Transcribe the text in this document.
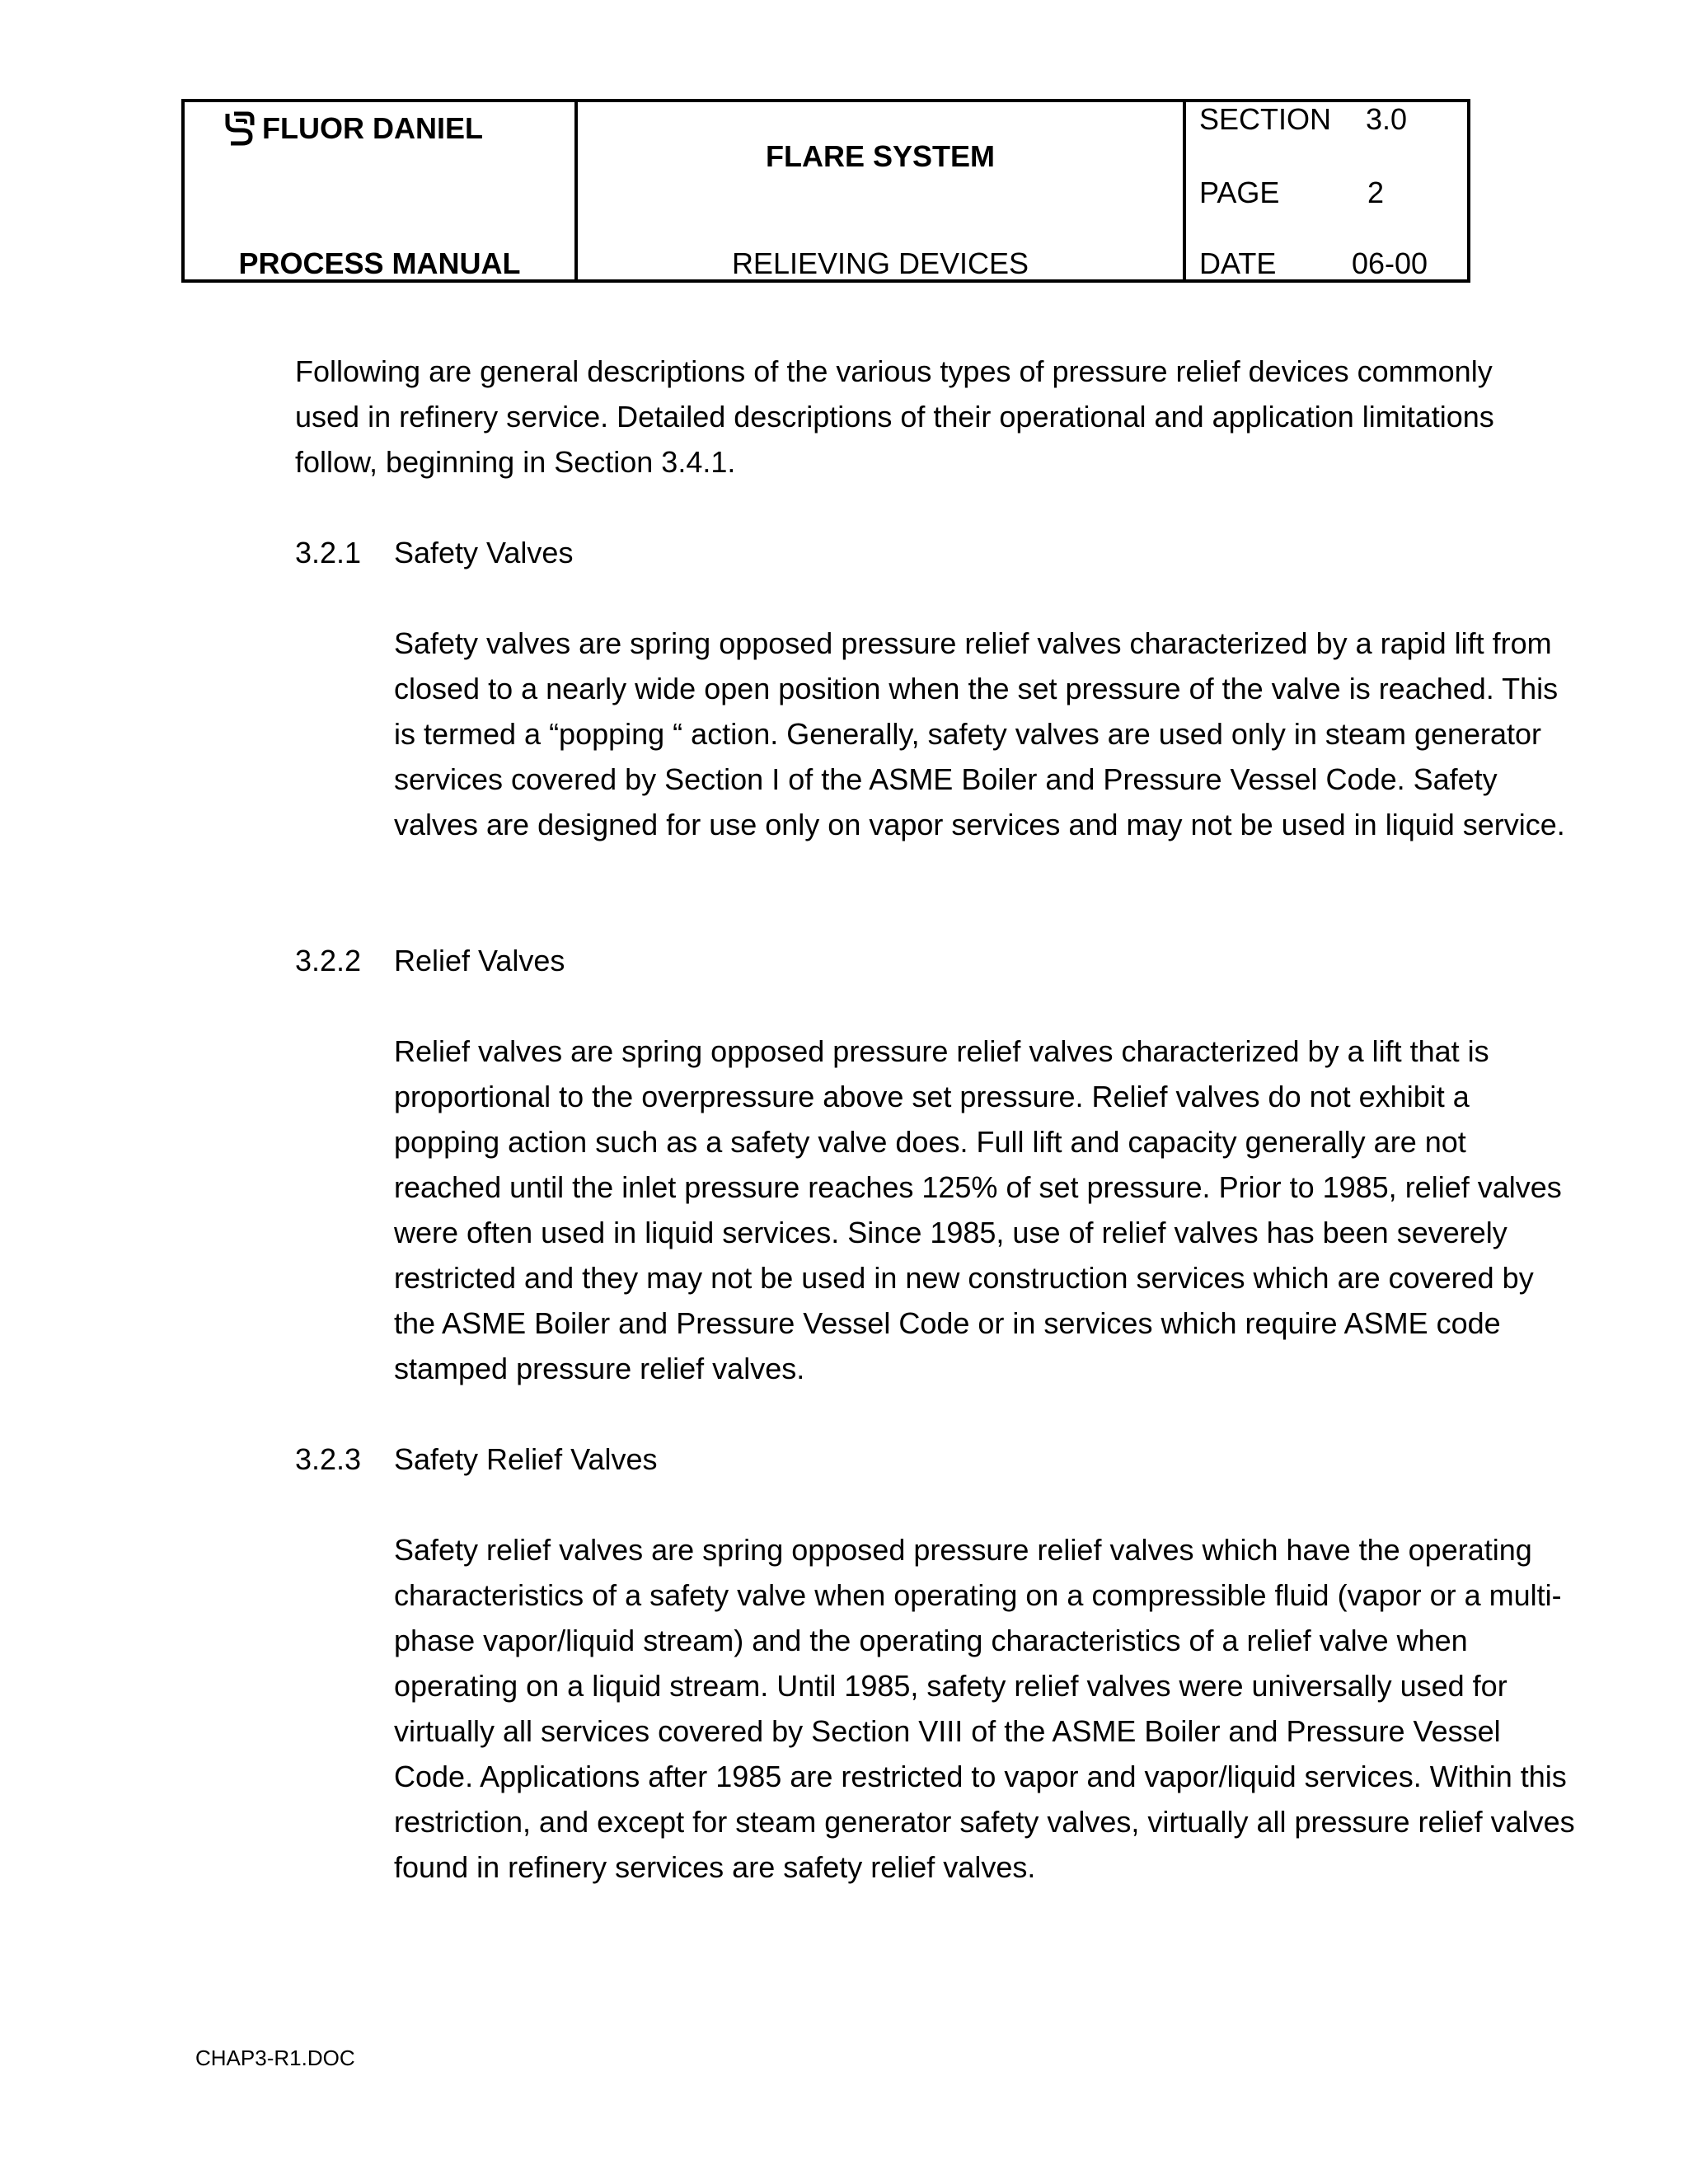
FLUOR DANIEL
PROCESS MANUAL
FLARE SYSTEM
RELIEVING DEVICES
SECTION 3.0
PAGE	2
DATE	06-00

Following are general descriptions of the various types of pressure relief devices commonly used in refinery service. Detailed descriptions of their operational and application limitations follow, beginning in Section 3.4.1.

3.2.1 Safety Valves

Safety valves are spring opposed pressure relief valves characterized by a rapid lift from closed to a nearly wide open position when the set pressure of the valve is reached. This is termed a “popping “ action. Generally, safety valves are used only in steam generator services covered by Section I of the ASME Boiler and Pressure Vessel Code. Safety valves are designed for use only on vapor services and may not be used in liquid service.

3.2.2 Relief Valves

Relief valves are spring opposed pressure relief valves characterized by a lift that is proportional to the overpressure above set pressure. Relief valves do not exhibit a popping action such as a safety valve does. Full lift and capacity generally are not reached until the inlet pressure reaches 125% of set pressure. Prior to 1985, relief valves were often used in liquid services. Since 1985, use of relief valves has been severely restricted and they may not be used in new construction services which are covered by the ASME Boiler and Pressure Vessel Code or in services which require ASME code stamped pressure relief valves.

3.2.3 Safety Relief Valves

Safety relief valves are spring opposed pressure relief valves which have the operating characteristics of a safety valve when operating on a compressible fluid (vapor or a multi-phase vapor/liquid stream) and the operating characteristics of a relief valve when operating on a liquid stream. Until 1985, safety relief valves were universally used for virtually all services covered by Section VIII of the ASME Boiler and Pressure Vessel Code. Applications after 1985 are restricted to vapor and vapor/liquid services. Within this restriction, and except for steam generator safety valves, virtually all pressure relief valves found in refinery services are safety relief valves.

CHAP3-R1.DOC
